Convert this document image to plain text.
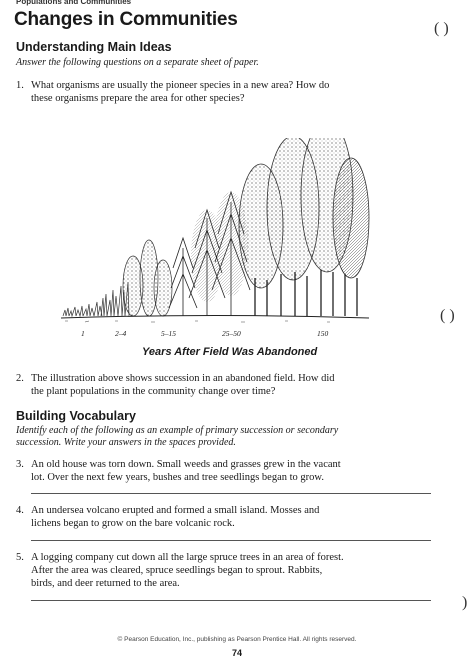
Populations and Communities
Changes in Communities	( )
Understanding Main Ideas
Answer the following questions on a separate sheet of paper.
1. What organisms are usually the pioneer species in a new area? How do
these organisms prepare the area for other species?
1	2–4	5–15	25–50	150
( )
Years After Field Was Abandoned
2. The illustration above shows succession in an abandoned field. How did
the plant populations in the community change over time?
Building Vocabulary
Identify each of the following as an example of primary succession or secondary
succession. Write your answers in the spaces provided.
3. An old house was torn down. Small weeds and grasses grew in the vacant
lot. Over the next few years, bushes and tree seedlings began to grow.
4. An undersea volcano erupted and formed a small island. Mosses and
lichens began to grow on the bare volcanic rock.
5. A logging company cut down all the large spruce trees in an area of forest.
After the area was cleared, spruce seedlings began to sprout. Rabbits,
birds, and deer returned to the area.
)
© Pearson Education, Inc., publishing as Pearson Prentice Hall. All rights reserved.
74
